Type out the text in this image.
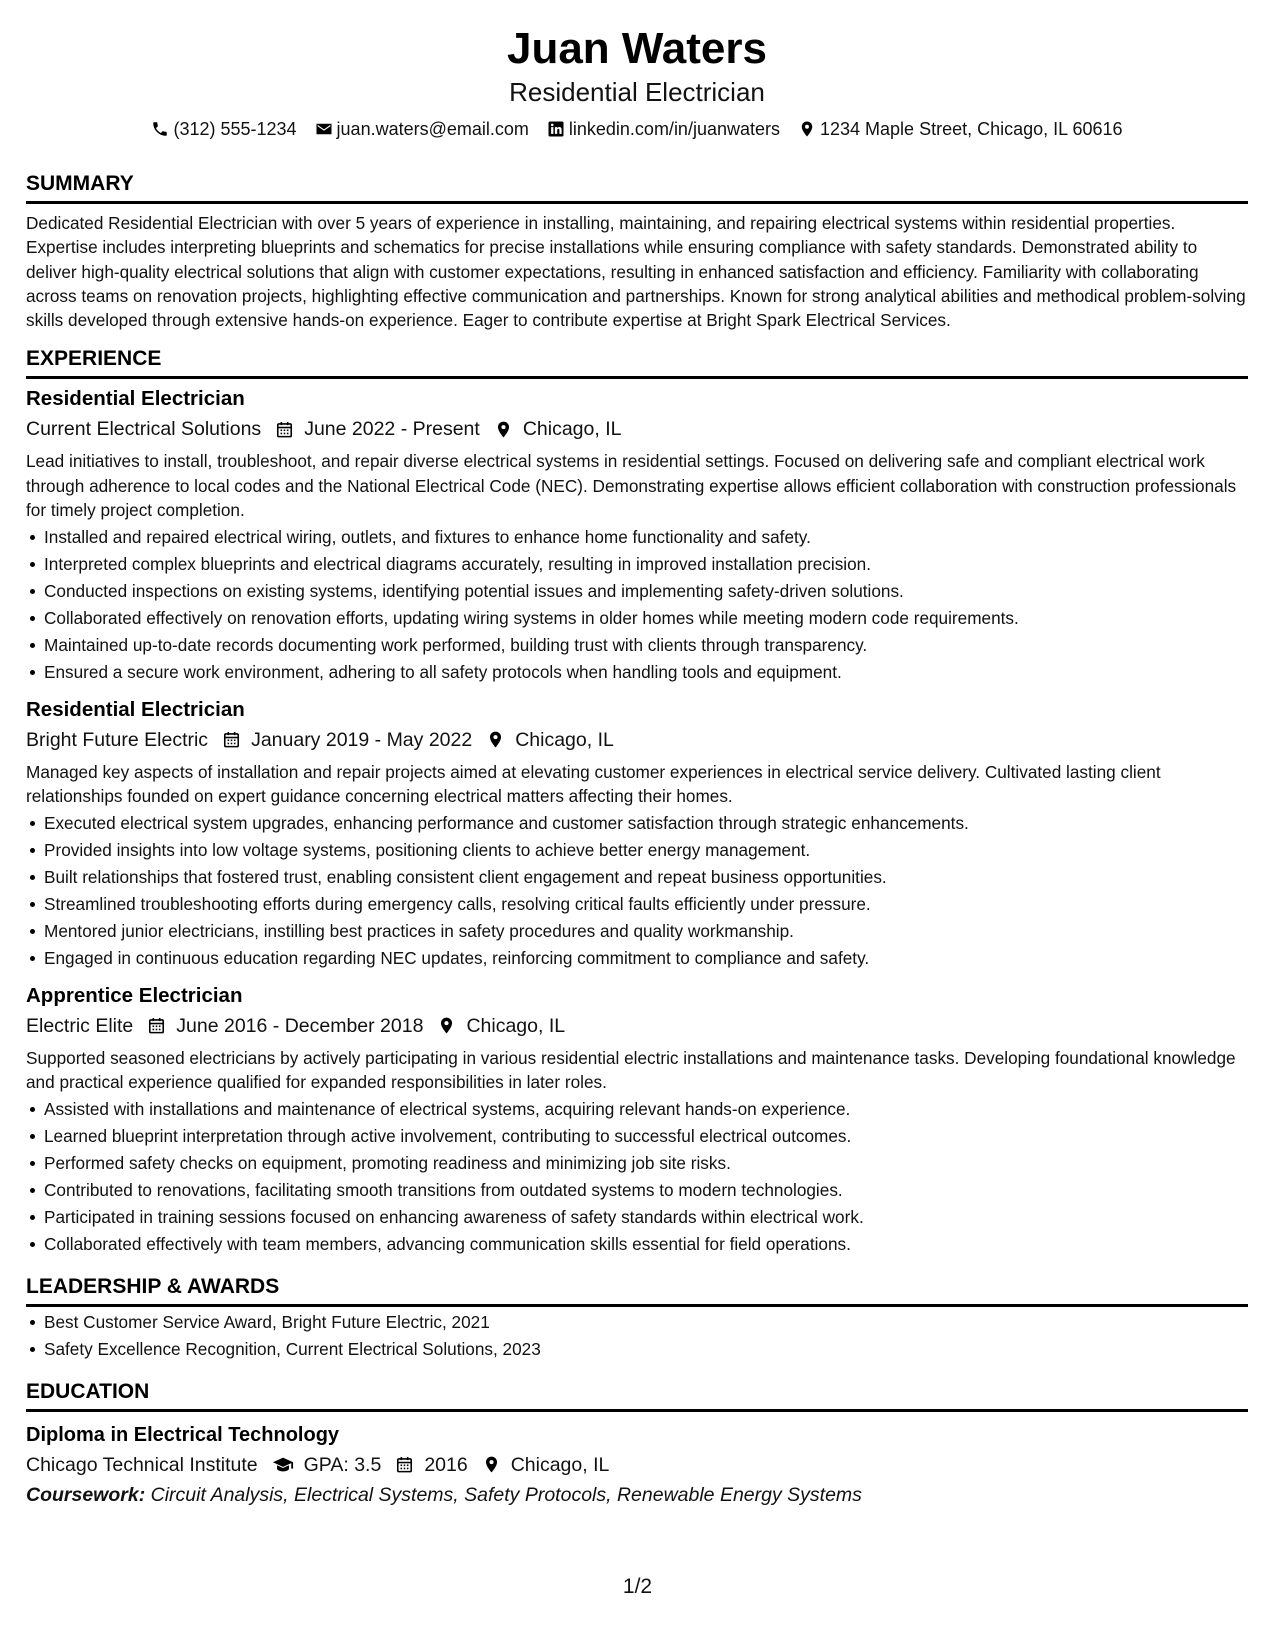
Juan Waters
Residential Electrician
(312) 555-1234 juan.waters@email.com linkedin.com/in/juanwaters 1234 Maple Street, Chicago, IL 60616
SUMMARY
Dedicated Residential Electrician with over 5 years of experience in installing, maintaining, and repairing electrical systems within residential properties. Expertise includes interpreting blueprints and schematics for precise installations while ensuring compliance with safety standards. Demonstrated ability to deliver high-quality electrical solutions that align with customer expectations, resulting in enhanced satisfaction and efficiency. Familiarity with collaborating across teams on renovation projects, highlighting effective communication and partnerships. Known for strong analytical abilities and methodical problem-solving skills developed through extensive hands-on experience. Eager to contribute expertise at Bright Spark Electrical Services.
EXPERIENCE
Residential Electrician
Current Electrical Solutions June 2022 - Present Chicago, IL
Lead initiatives to install, troubleshoot, and repair diverse electrical systems in residential settings. Focused on delivering safe and compliant electrical work through adherence to local codes and the National Electrical Code (NEC). Demonstrating expertise allows efficient collaboration with construction professionals for timely project completion.
Installed and repaired electrical wiring, outlets, and fixtures to enhance home functionality and safety.
Interpreted complex blueprints and electrical diagrams accurately, resulting in improved installation precision.
Conducted inspections on existing systems, identifying potential issues and implementing safety-driven solutions.
Collaborated effectively on renovation efforts, updating wiring systems in older homes while meeting modern code requirements.
Maintained up-to-date records documenting work performed, building trust with clients through transparency.
Ensured a secure work environment, adhering to all safety protocols when handling tools and equipment.
Residential Electrician
Bright Future Electric January 2019 - May 2022 Chicago, IL
Managed key aspects of installation and repair projects aimed at elevating customer experiences in electrical service delivery. Cultivated lasting client relationships founded on expert guidance concerning electrical matters affecting their homes.
Executed electrical system upgrades, enhancing performance and customer satisfaction through strategic enhancements.
Provided insights into low voltage systems, positioning clients to achieve better energy management.
Built relationships that fostered trust, enabling consistent client engagement and repeat business opportunities.
Streamlined troubleshooting efforts during emergency calls, resolving critical faults efficiently under pressure.
Mentored junior electricians, instilling best practices in safety procedures and quality workmanship.
Engaged in continuous education regarding NEC updates, reinforcing commitment to compliance and safety.
Apprentice Electrician
Electric Elite June 2016 - December 2018 Chicago, IL
Supported seasoned electricians by actively participating in various residential electric installations and maintenance tasks. Developing foundational knowledge and practical experience qualified for expanded responsibilities in later roles.
Assisted with installations and maintenance of electrical systems, acquiring relevant hands-on experience.
Learned blueprint interpretation through active involvement, contributing to successful electrical outcomes.
Performed safety checks on equipment, promoting readiness and minimizing job site risks.
Contributed to renovations, facilitating smooth transitions from outdated systems to modern technologies.
Participated in training sessions focused on enhancing awareness of safety standards within electrical work.
Collaborated effectively with team members, advancing communication skills essential for field operations.
LEADERSHIP & AWARDS
Best Customer Service Award, Bright Future Electric, 2021
Safety Excellence Recognition, Current Electrical Solutions, 2023
EDUCATION
Diploma in Electrical Technology
Chicago Technical Institute GPA: 3.5 2016 Chicago, IL
Coursework: Circuit Analysis, Electrical Systems, Safety Protocols, Renewable Energy Systems
1/2
